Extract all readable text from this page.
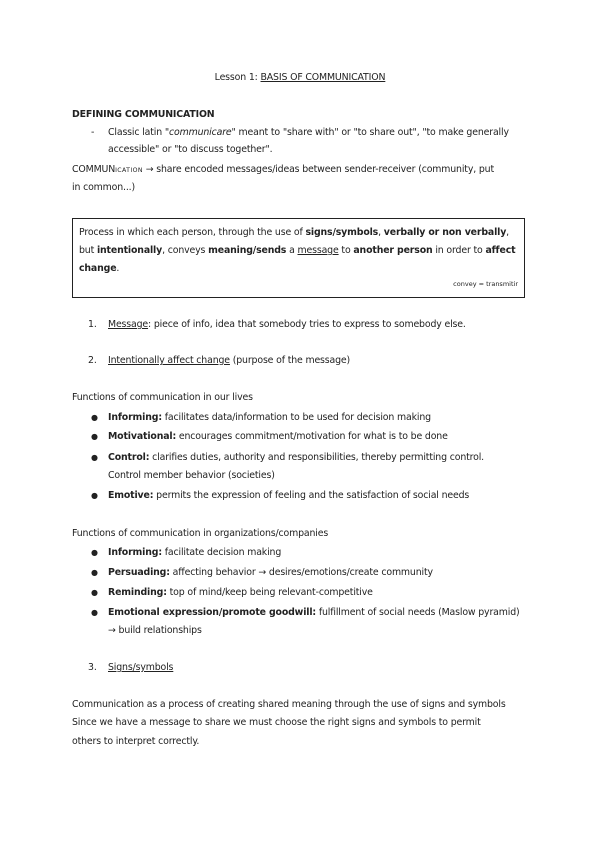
Lesson 1: BASIS OF COMMUNICATION
DEFINING COMMUNICATION
- Classic latin "communicare" meant to "share with" or "to share out", "to make generally
accessible" or "to discuss together".
COMMUNICATION → share encoded messages/ideas between sender-receiver (community, put
in common...)
Process in which each person, through the use of signs/symbols, verbally or non verbally,
but intentionally, conveys meaning/sends a message to another person in order to affect
change.
convey = transmitir
1. Message: piece of info, idea that somebody tries to express to somebody else.
2. Intentionally affect change (purpose of the message)
Functions of communication in our lives
● Informing: facilitates data/information to be used for decision making
● Motivational: encourages commitment/motivation for what is to be done
● Control: clarifies duties, authority and responsibilities, thereby permitting control.
Control member behavior (societies)
● Emotive: permits the expression of feeling and the satisfaction of social needs
Functions of communication in organizations/companies
● Informing: facilitate decision making
● Persuading: affecting behavior → desires/emotions/create community
● Reminding: top of mind/keep being relevant-competitive
● Emotional expression/promote goodwill: fulfillment of social needs (Maslow pyramid)
→ build relationships
3. Signs/symbols
Communication as a process of creating shared meaning through the use of signs and symbols
Since we have a message to share we must choose the right signs and symbols to permit
others to interpret correctly.
